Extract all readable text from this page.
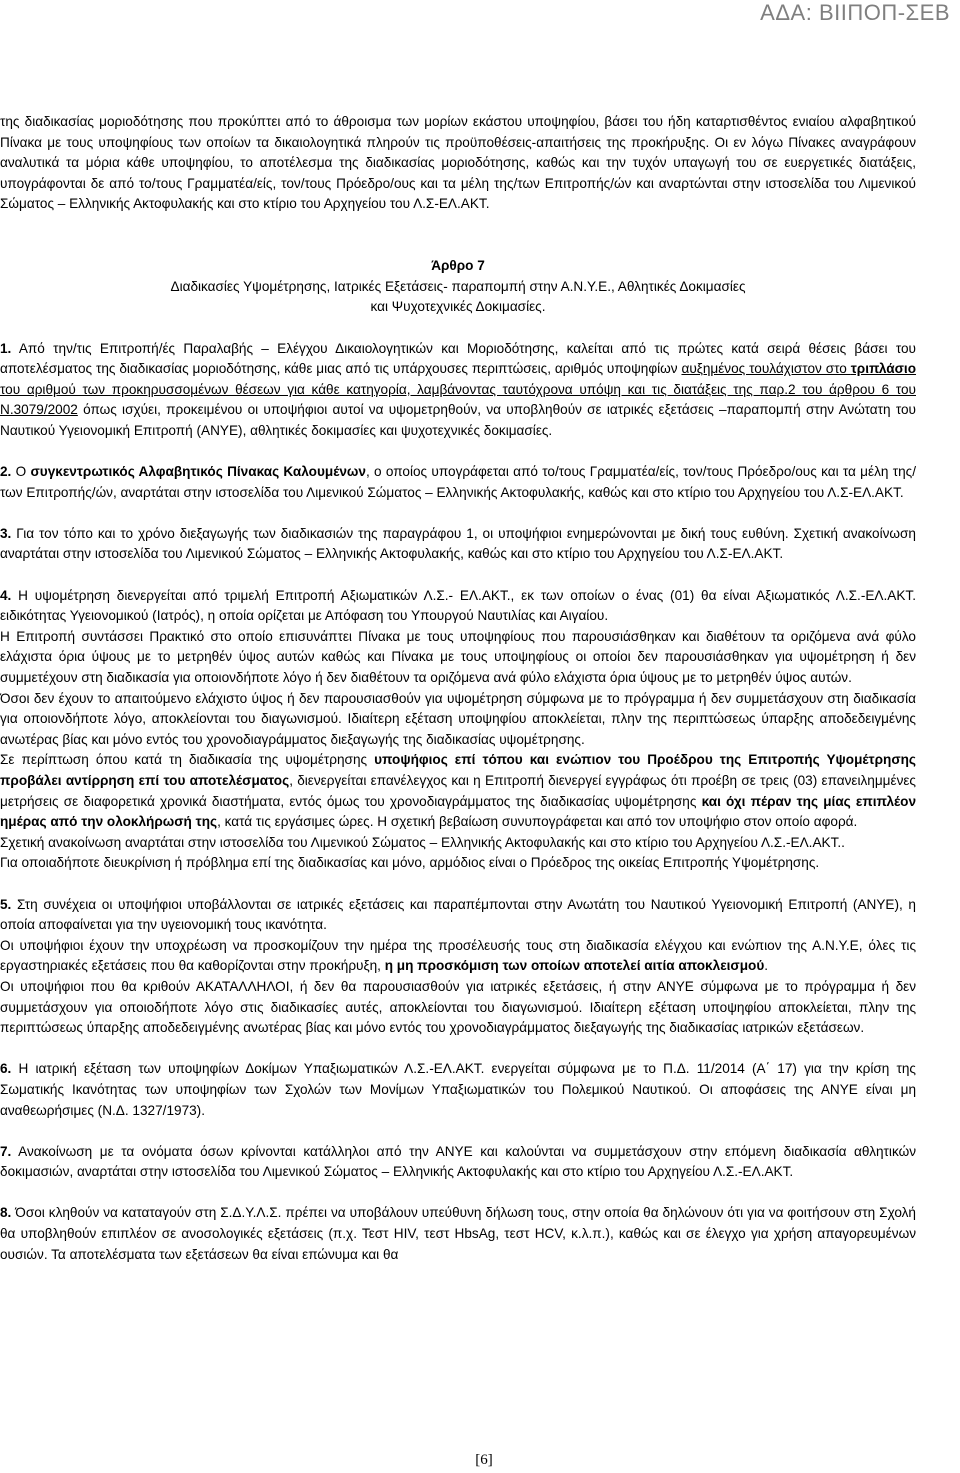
ΑΔΑ: ΒΙΙΠΟΠ-ΣΕΒ

της διαδικασίας μοριοδότησης που προκύπτει από το άθροισμα των μορίων εκάστου υποψηφίου, βάσει του ήδη καταρτισθέντος ενιαίου αλφαβητικού Πίνακα με τους υποψηφίους των οποίων τα δικαιολογητικά πληρούν τις προϋποθέσεις-απαιτήσεις της προκήρυξης. Οι εν λόγω Πίνακες αναγράφουν αναλυτικά τα μόρια κάθε υποψηφίου, το αποτέλεσμα της διαδικασίας μοριοδότησης, καθώς και την τυχόν υπαγωγή του σε ευεργετικές διατάξεις, υπογράφονται δε από το/τους Γραμματέα/είς, τον/τους Πρόεδρο/ους και τα μέλη της/των Επιτροπής/ών και αναρτώνται στην ιστοσελίδα του Λιμενικού Σώματος – Ελληνικής Ακτοφυλακής και στο κτίριο του Αρχηγείου του Λ.Σ-ΕΛ.ΑΚΤ.

Άρθρο 7

Διαδικασίες Υψομέτρησης, Ιατρικές Εξετάσεις- παραπομπή στην Α.Ν.Υ.Ε., Αθλητικές Δοκιμασίες

και Ψυχοτεχνικές Δοκιμασίες.

1. Από την/τις Επιτροπή/ές Παραλαβής – Ελέγχου Δικαιολογητικών και Μοριοδότησης, καλείται από τις πρώτες κατά σειρά θέσεις βάσει του αποτελέσματος της διαδικασίας μοριοδότησης, κάθε μιας από τις υπάρχουσες περιπτώσεις, αριθμός υποψηφίων αυξημένος τουλάχιστον στο τριπλάσιο του αριθμού των προκηρυσσομένων θέσεων για κάθε κατηγορία, λαμβάνοντας ταυτόχρονα υπόψη και τις διατάξεις της παρ.2 του άρθρου 6 του Ν.3079/2002 όπως ισχύει, προκειμένου οι υποψήφιοι αυτοί να υψομετρηθούν, να υποβληθούν σε ιατρικές εξετάσεις –παραπομπή στην Ανώτατη του Ναυτικού Υγειονομική Επιτροπή (ΑΝΥΕ), αθλητικές δοκιμασίες και ψυχοτεχνικές δοκιμασίες.

2. Ο συγκεντρωτικός Αλφαβητικός Πίνακας Καλουμένων, ο οποίος υπογράφεται από το/τους Γραμματέα/είς, τον/τους Πρόεδρο/ους και τα μέλη της/των Επιτροπής/ών, αναρτάται στην ιστοσελίδα του Λιμενικού Σώματος – Ελληνικής Ακτοφυλακής, καθώς και στο κτίριο του Αρχηγείου του Λ.Σ-ΕΛ.ΑΚΤ.

3. Για τον τόπο και το χρόνο διεξαγωγής των διαδικασιών της παραγράφου 1, οι υποψήφιοι ενημερώνονται με δική τους ευθύνη. Σχετική ανακοίνωση αναρτάται στην ιστοσελίδα του Λιμενικού Σώματος – Ελληνικής Ακτοφυλακής, καθώς και στο κτίριο του Αρχηγείου του Λ.Σ-ΕΛ.ΑΚΤ.

4. Η υψομέτρηση διενεργείται από τριμελή Επιτροπή Αξιωματικών Λ.Σ.- ΕΛ.ΑΚΤ., εκ των οποίων ο ένας (01) θα είναι Αξιωματικός Λ.Σ.-ΕΛ.ΑΚΤ. ειδικότητας Υγειονομικού (Ιατρός), η οποία ορίζεται με Απόφαση του Υπουργού Ναυτιλίας και Αιγαίου.

Η Επιτροπή συντάσσει Πρακτικό στο οποίο επισυνάπτει Πίνακα με τους υποψηφίους που παρουσιάσθηκαν και διαθέτουν τα οριζόμενα ανά φύλο ελάχιστα όρια ύψους με το μετρηθέν ύψος αυτών καθώς και Πίνακα με τους υποψηφίους οι οποίοι δεν παρουσιάσθηκαν για υψομέτρηση ή δεν συμμετέχουν στη διαδικασία για οποιονδήποτε λόγο ή δεν διαθέτουν τα οριζόμενα ανά φύλο ελάχιστα όρια ύψους με το μετρηθέν ύψος αυτών.

Όσοι δεν έχουν το απαιτούμενο ελάχιστο ύψος ή δεν παρουσιασθούν για υψομέτρηση σύμφωνα με το πρόγραμμα ή δεν συμμετάσχουν στη διαδικασία για οποιονδήποτε λόγο, αποκλείονται του διαγωνισμού. Ιδιαίτερη εξέταση υποψηφίου αποκλείεται, πλην της περιπτώσεως ύπαρξης αποδεδειγμένης ανωτέρας βίας και μόνο εντός του χρονοδιαγράμματος διεξαγωγής της διαδικασίας υψομέτρησης.

Σε περίπτωση όπου κατά τη διαδικασία της υψομέτρησης υποψήφιος επί τόπου και ενώπιον του Προέδρου της Επιτροπής Υψομέτρησης προβάλει αντίρρηση επί του αποτελέσματος, διενεργείται επανέλεγχος και η Επιτροπή διενεργεί εγγράφως ότι προέβη σε τρεις (03) επανειλημμένες μετρήσεις σε διαφορετικά χρονικά διαστήματα, εντός όμως του χρονοδιαγράμματος της διαδικασίας υψομέτρησης και όχι πέραν της μίας επιπλέον ημέρας από την ολοκλήρωσή της, κατά τις εργάσιμες ώρες. Η σχετική βεβαίωση συνυπογράφεται και από τον υποψήφιο στον οποίο αφορά.

Σχετική ανακοίνωση αναρτάται στην ιστοσελίδα του Λιμενικού Σώματος – Ελληνικής Ακτοφυλακής και στο κτίριο του Αρχηγείου Λ.Σ.-ΕΛ.ΑΚΤ..

Για οποιαδήποτε διευκρίνιση ή πρόβλημα επί της διαδικασίας και μόνο, αρμόδιος είναι ο Πρόεδρος της οικείας Επιτροπής Υψομέτρησης.

5. Στη συνέχεια οι υποψήφιοι υποβάλλονται σε ιατρικές εξετάσεις και παραπέμπονται στην Ανωτάτη του Ναυτικού Υγειονομική Επιτροπή (ΑΝΥΕ), η οποία αποφαίνεται για την υγειονομική τους ικανότητα.

Οι υποψήφιοι έχουν την υποχρέωση να προσκομίζουν την ημέρα της προσέλευσής τους στη διαδικασία ελέγχου και ενώπιον της Α.Ν.Υ.Ε, όλες τις εργαστηριακές εξετάσεις που θα καθορίζονται στην προκήρυξη, η μη προσκόμιση των οποίων αποτελεί αιτία αποκλεισμού.

Οι υποψήφιοι που θα κριθούν ΑΚΑΤΑΛΛΗΛΟΙ, ή δεν θα παρουσιασθούν για ιατρικές εξετάσεις, ή στην ΑΝΥΕ σύμφωνα με το πρόγραμμα ή δεν συμμετάσχουν για οποιοδήποτε λόγο στις διαδικασίες αυτές, αποκλείονται του διαγωνισμού. Ιδιαίτερη εξέταση υποψηφίου αποκλείεται, πλην της περιπτώσεως ύπαρξης αποδεδειγμένης ανωτέρας βίας και μόνο εντός του χρονοδιαγράμματος διεξαγωγής της διαδικασίας ιατρικών εξετάσεων.

6. Η ιατρική εξέταση των υποψηφίων Δοκίμων Υπαξιωματικών Λ.Σ.-ΕΛ.ΑΚΤ. ενεργείται σύμφωνα με το Π.Δ. 11/2014 (Α΄ 17) για την κρίση της Σωματικής Ικανότητας των υποψηφίων των Σχολών των Μονίμων Υπαξιωματικών του Πολεμικού Ναυτικού. Οι αποφάσεις της ΑΝΥΕ είναι μη αναθεωρήσιμες (Ν.Δ. 1327/1973).

7. Ανακοίνωση με τα ονόματα όσων κρίνονται κατάλληλοι από την ΑΝΥΕ και καλούνται να συμμετάσχουν στην επόμενη διαδικασία αθλητικών δοκιμασιών, αναρτάται στην ιστοσελίδα του Λιμενικού Σώματος – Ελληνικής Ακτοφυλακής και στο κτίριο του Αρχηγείου Λ.Σ.-ΕΛ.ΑΚΤ.

8. Όσοι κληθούν να καταταγούν στη Σ.Δ.Υ.Λ.Σ. πρέπει να υποβάλουν υπεύθυνη δήλωση τους, στην οποία θα δηλώνουν ότι για να φοιτήσουν στη Σχολή θα υποβληθούν επιπλέον σε ανοσολογικές εξετάσεις (π.χ. Τεστ HIV, τεστ HbsAg, τεστ HCV, κ.λ.π.), καθώς και σε έλεγχο για χρήση απαγορευμένων ουσιών. Τα αποτελέσματα των εξετάσεων θα είναι επώνυμα και θα

[6]
